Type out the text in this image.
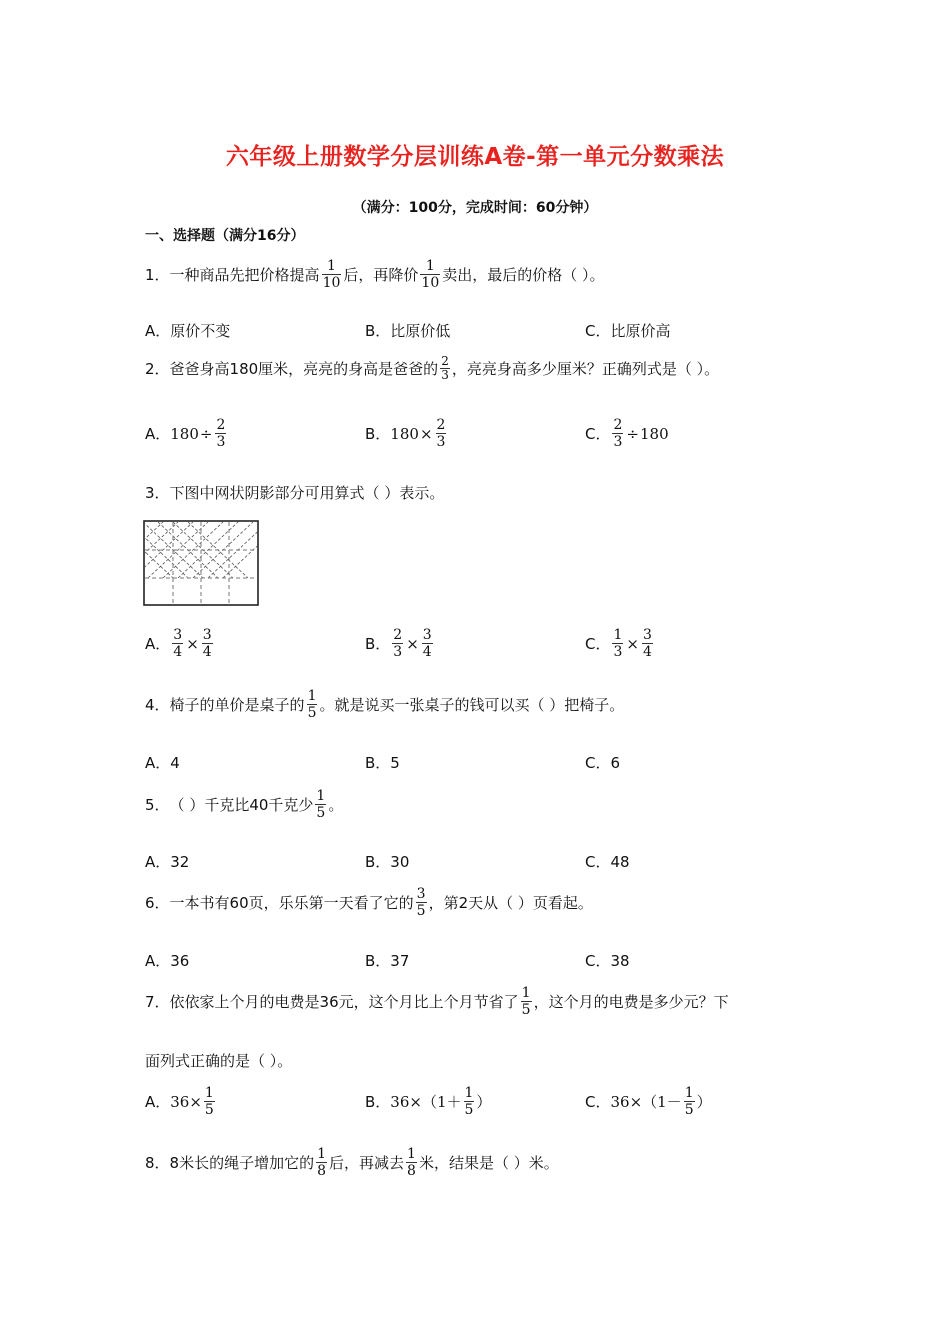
六年级上册数学分层训练A卷-第一单元分数乘法
（满分：100分，完成时间：60分钟）
一、选择题（满分16分）
1． 一种商品先把价格提高 $\frac{1}{10}$ 后，再降价 $\frac{1}{10}$ 卖出，最后的价格（ ）。
A．原价不变	B．比原价低	C．比原价高
2． 爸爸身高180厘米，亮亮的身高是爸爸的 $\frac{2}{3}$ ，亮亮身高多少厘米？正确列式是（ ）。
A． $180 \div \frac{2}{3}$	B． $180 \times \frac{2}{3}$	C． $\frac{2}{3} \div 180$
3． 下图中网状阴影部分可用算式（ ）表示。
A． $\frac{3}{4} \times \frac{3}{4}$	B． $\frac{2}{3} \times \frac{3}{4}$	C． $\frac{1}{3} \times \frac{3}{4}$
4． 椅子的单价是桌子的 $\frac{1}{5}$ 。就是说买一张桌子的钱可以买（ ）把椅子。
A．4	B．5	C．6
5． （ ）千克比40千克少 $\frac{1}{5}$ 。
A．32	B．30	C．48
6． 一本书有60页，乐乐第一天看了它的 $\frac{3}{5}$ ，第2天从（ ）页看起。
A．36	B．37	C．38
7． 依依家上个月的电费是36元，这个月比上个月节省了 $\frac{1}{5}$ ，这个月的电费是多少元？下
面列式正确的是（ ）。
A． $36\times \frac{1}{5}$	B． $36\times(1+ \frac{1}{5}$ ）	C． $36\times(1- \frac{1}{5}$ ）
8． 8米长的绳子增加它的 $\frac{1}{8}$ 后，再减去 $\frac{1}{8}$ 米，结果是（ ）米。
